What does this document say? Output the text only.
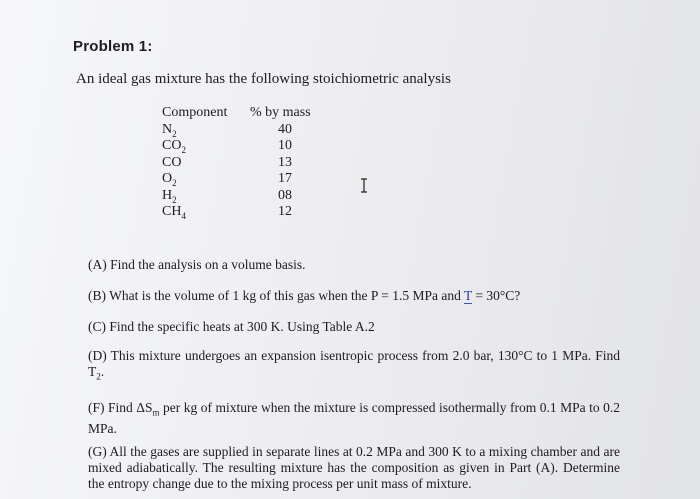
Problem 1:
An ideal gas mixture has the following stoichiometric analysis
Component	% by mass
$N_2$	40
$CO_2$	10
CO	13
$O_2$	17
$H_2$	08
$CH_4$	12
(A) Find the analysis on a volume basis.
(B) What is the volume of 1 kg of this gas when the P = 1.5 MPa and T = 30°C?
(C) Find the specific heats at 300 K. Using Table A.2
(D) This mixture undergoes an expansion isentropic process from 2.0 bar, 130°C to 1 MPa. Find $T_2$.
(F) Find $\Delta S_m$ per kg of mixture when the mixture is compressed isothermally from 0.1 MPa to 0.2 MPa.
(G) All the gases are supplied in separate lines at 0.2 MPa and 300 K to a mixing chamber and are mixed adiabatically. The resulting mixture has the composition as given in Part (A). Determine the entropy change due to the mixing process per unit mass of mixture.
